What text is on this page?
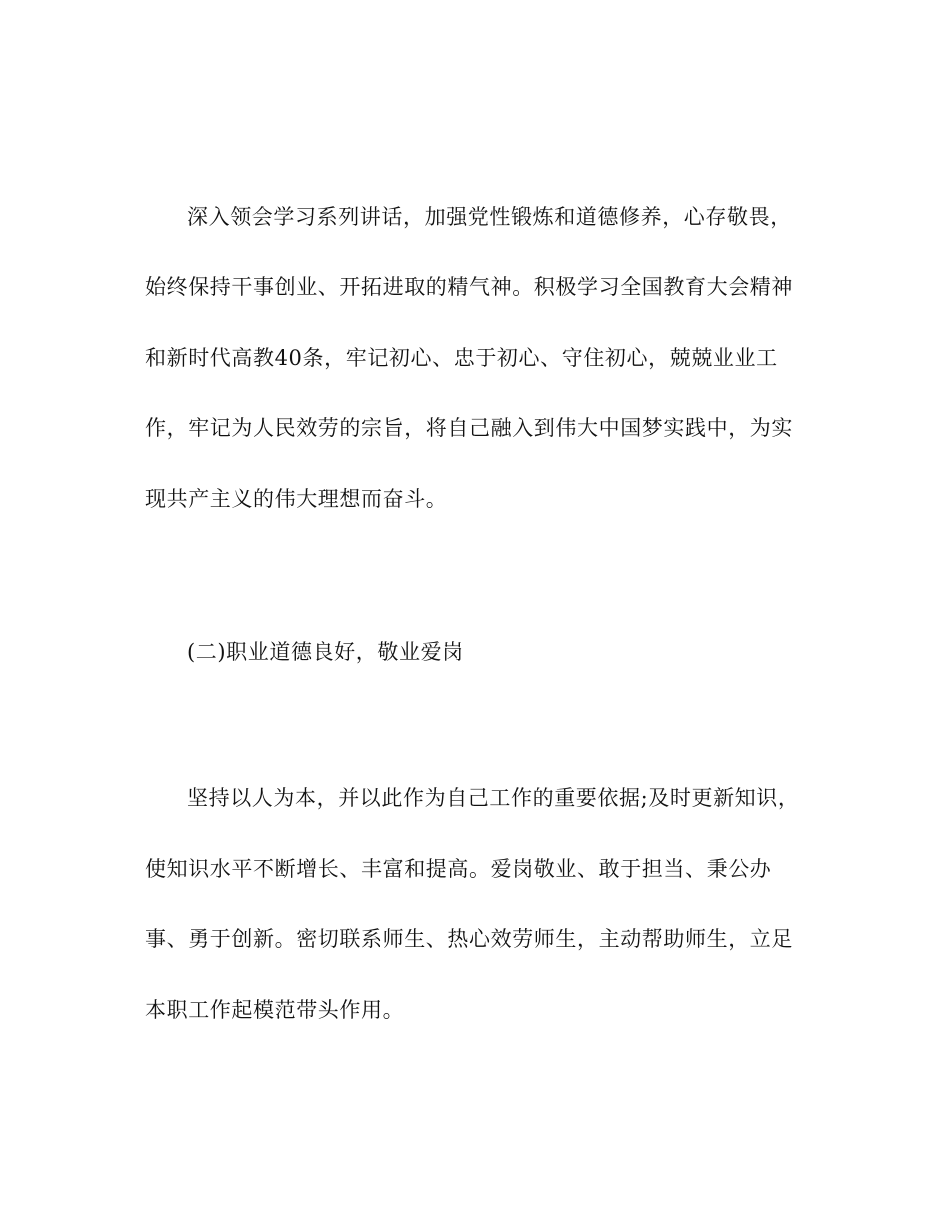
深入领会学习系列讲话，加强党性锻炼和道德修养，心存敬畏，
始终保持干事创业、开拓进取的精气神。积极学习全国教育大会精神
和新时代高教40条，牢记初心、忠于初心、守住初心，兢兢业业工
作，牢记为人民效劳的宗旨，将自己融入到伟大中国梦实践中，为实
现共产主义的伟大理想而奋斗。
(二)职业道德良好，敬业爱岗
坚持以人为本，并以此作为自己工作的重要依据;及时更新知识，
使知识水平不断增长、丰富和提高。爱岗敬业、敢于担当、秉公办
事、勇于创新。密切联系师生、热心效劳师生，主动帮助师生，立足
本职工作起模范带头作用。
